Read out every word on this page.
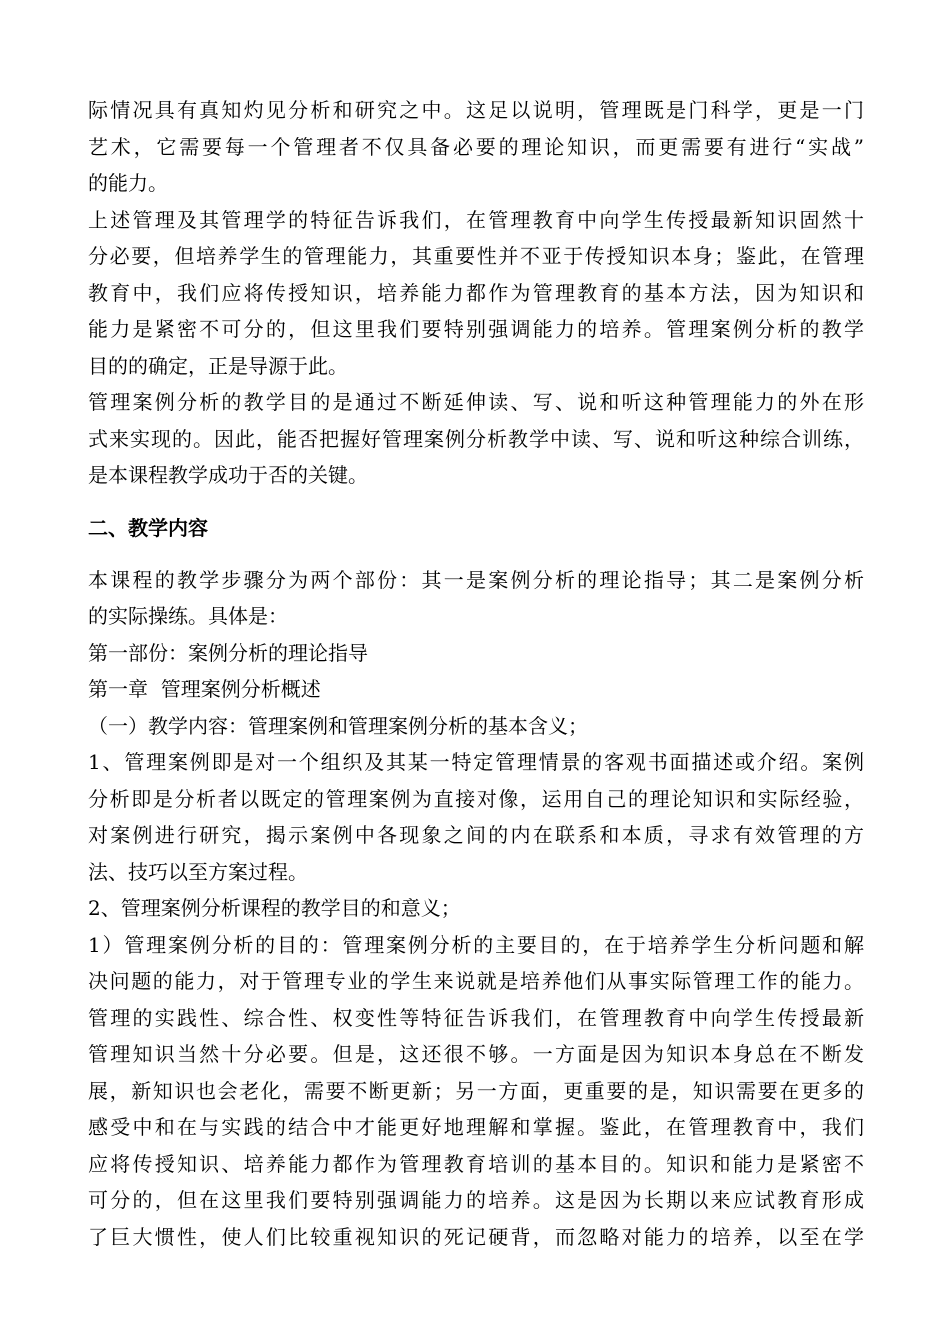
际情况具有真知灼见分析和研究之中。这足以说明，管理既是门科学，更是一门
艺术，它需要每一个管理者不仅具备必要的理论知识，而更需要有进行“实战”
的能力。
上述管理及其管理学的特征告诉我们，在管理教育中向学生传授最新知识固然十
分必要，但培养学生的管理能力，其重要性并不亚于传授知识本身；鉴此，在管理
教育中，我们应将传授知识，培养能力都作为管理教育的基本方法，因为知识和
能力是紧密不可分的，但这里我们要特别强调能力的培养。管理案例分析的教学
目的的确定，正是导源于此。
管理案例分析的教学目的是通过不断延伸读、写、说和听这种管理能力的外在形
式来实现的。因此，能否把握好管理案例分析教学中读、写、说和听这种综合训练，
是本课程教学成功于否的关键。
二、教学内容
本课程的教学步骤分为两个部份：其一是案例分析的理论指导；其二是案例分析
的实际操练。具体是：
第一部份：案例分析的理论指导
第一章  管理案例分析概述
（一）教学内容：管理案例和管理案例分析的基本含义；
1、管理案例即是对一个组织及其某一特定管理情景的客观书面描述或介绍。案例
分析即是分析者以既定的管理案例为直接对像，运用自己的理论知识和实际经验，
对案例进行研究，揭示案例中各现象之间的内在联系和本质，寻求有效管理的方
法、技巧以至方案过程。
2、管理案例分析课程的教学目的和意义；
1）管理案例分析的目的：管理案例分析的主要目的，在于培养学生分析问题和解
决问题的能力，对于管理专业的学生来说就是培养他们从事实际管理工作的能力。
管理的实践性、综合性、权变性等特征告诉我们，在管理教育中向学生传授最新
管理知识当然十分必要。但是，这还很不够。一方面是因为知识本身总在不断发
展，新知识也会老化，需要不断更新；另一方面，更重要的是，知识需要在更多的
感受中和在与实践的结合中才能更好地理解和掌握。鉴此，在管理教育中，我们
应将传授知识、培养能力都作为管理教育培训的基本目的。知识和能力是紧密不
可分的，但在这里我们要特别强调能力的培养。这是因为长期以来应试教育形成
了巨大惯性，使人们比较重视知识的死记硬背，而忽略对能力的培养，以至在学
